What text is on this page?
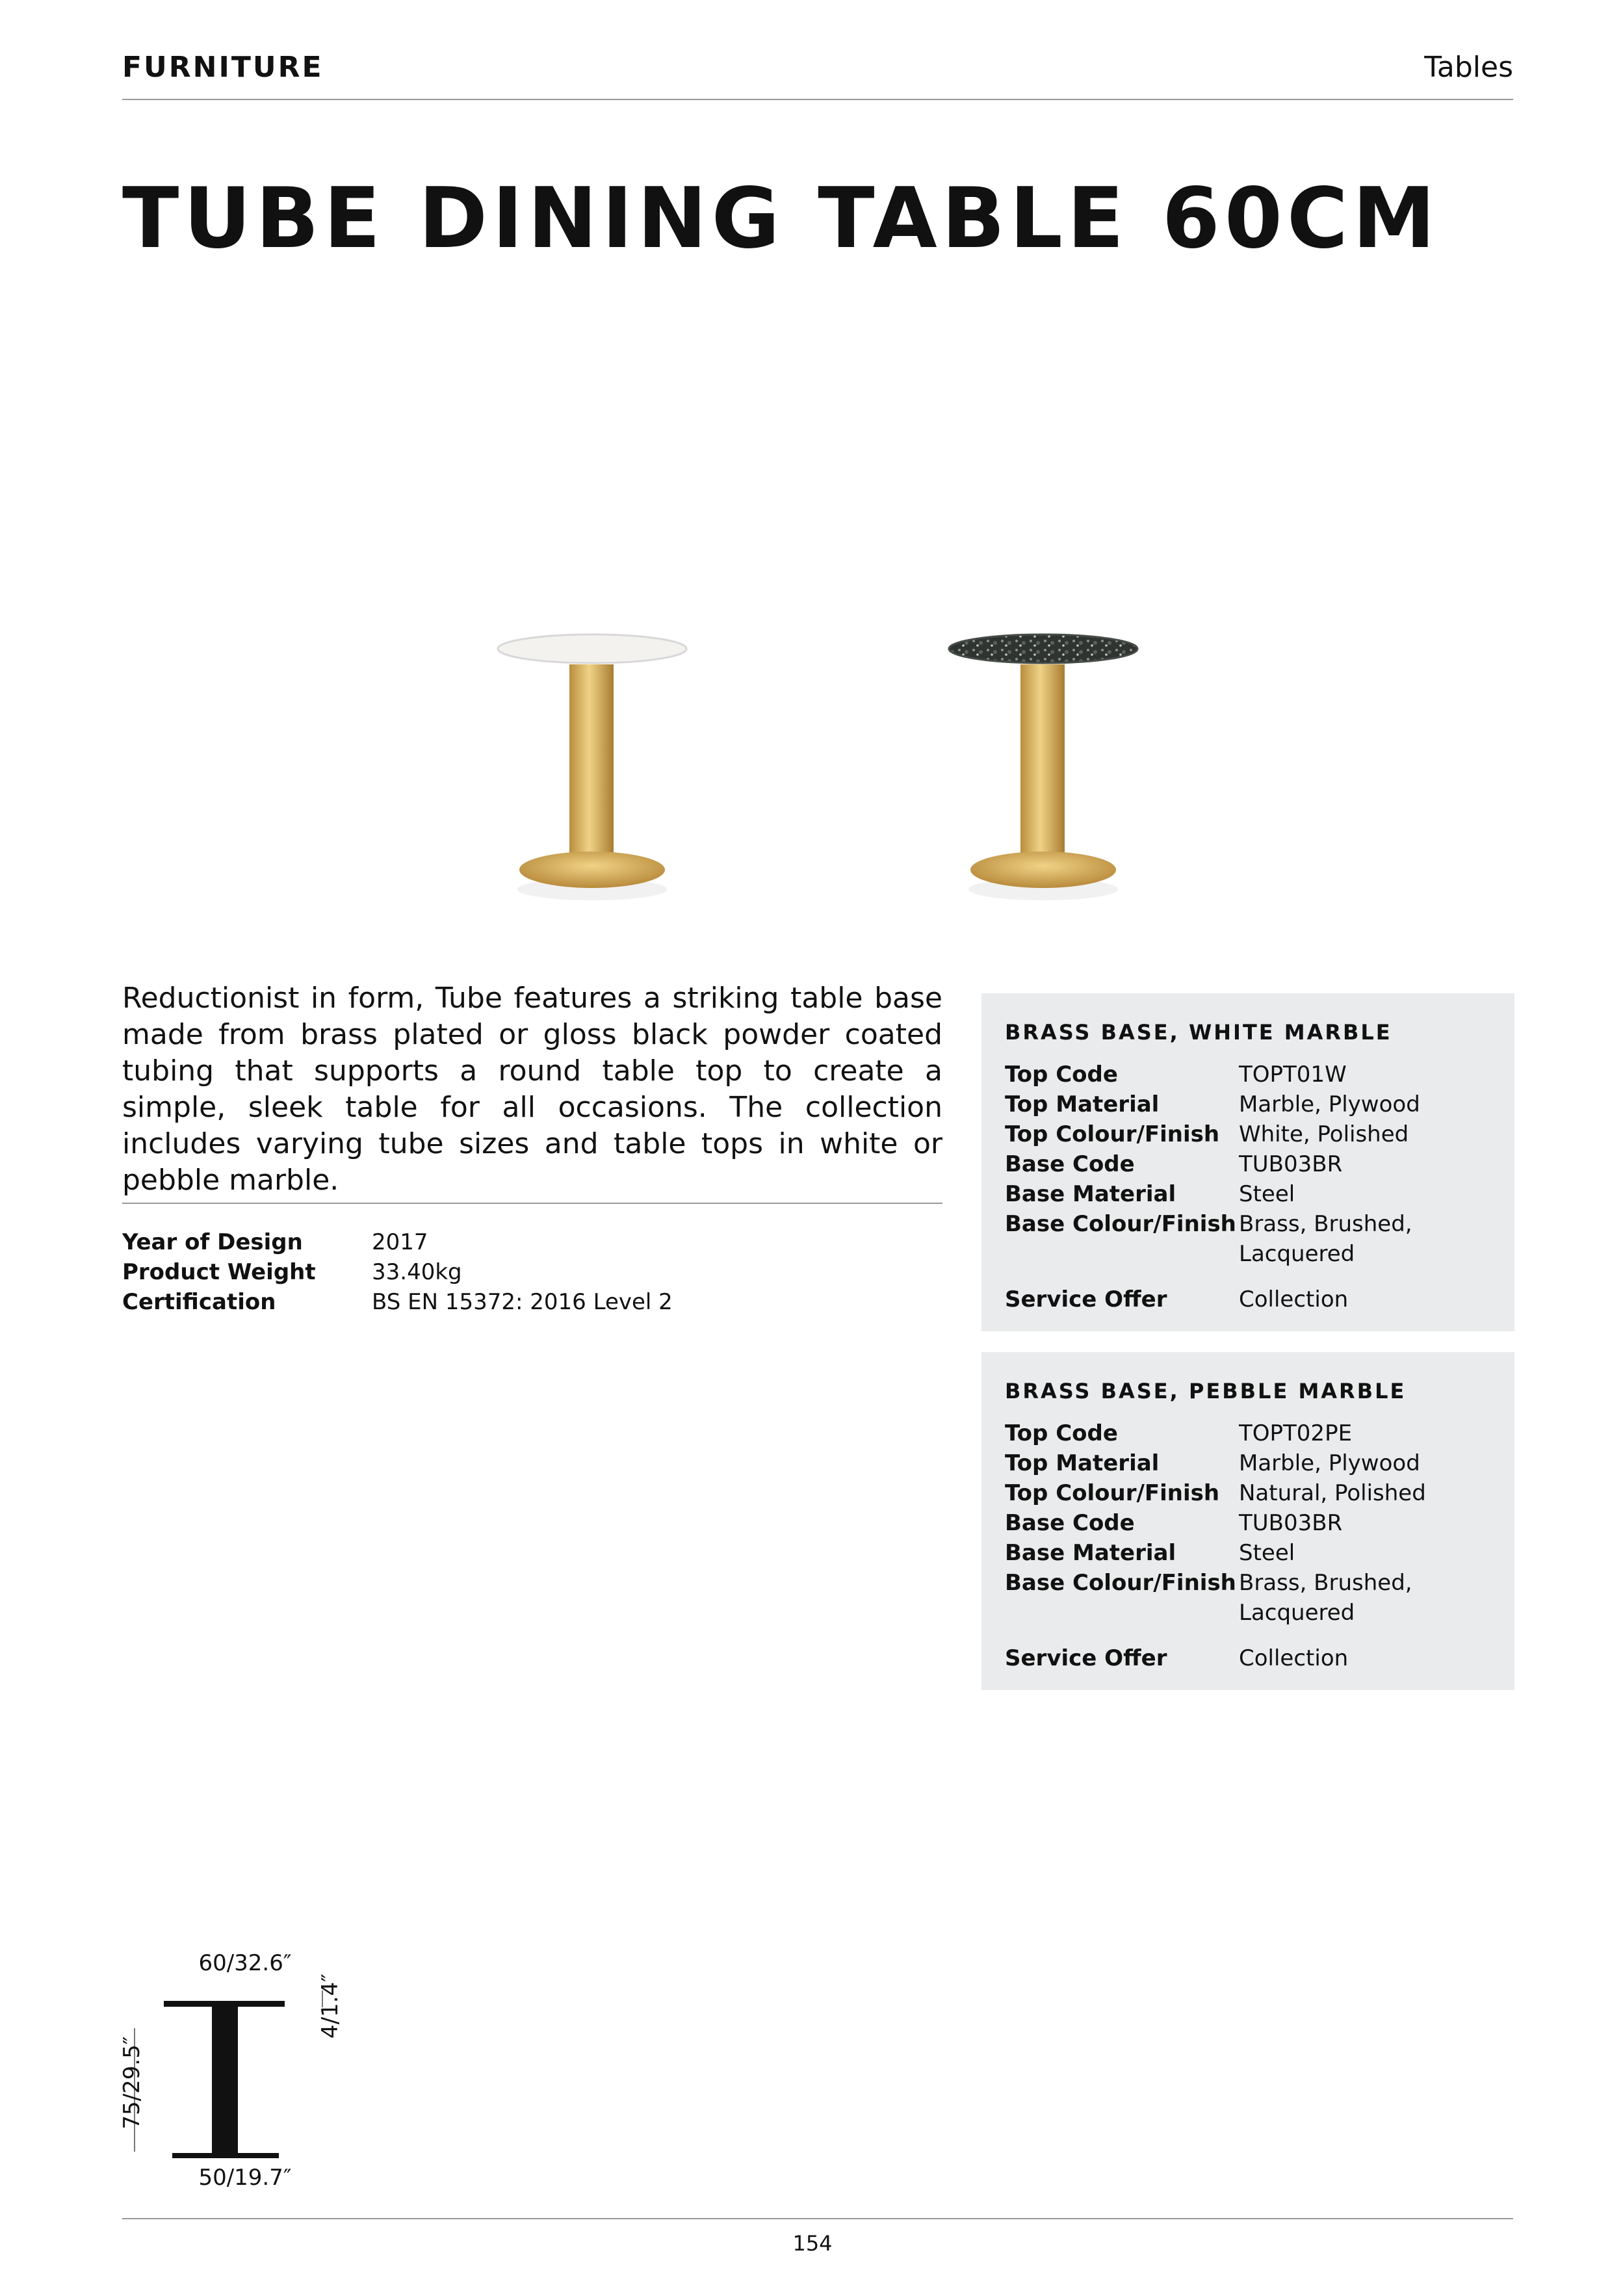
FURNITURE	Tables
TUBE DINING TABLE 60CM
Reductionist in form, Tube features a striking table base made from brass plated or gloss black powder coated tubing that supports a round table top to create a simple, sleek table for all occasions. The collection includes varying tube sizes and table tops in white or pebble marble.
Year of Design	2017
Product Weight	33.40kg
Certification	BS EN 15372: 2016 Level 2
BRASS BASE, WHITE MARBLE
Top Code	TOPT01W
Top Material	Marble, Plywood
Top Colour/Finish White, Polished
Base Code	TUB03BR
Base Material	Steel
Base Colour/Finish Brass, Brushed, Lacquered
Service Offer	Collection
BRASS BASE, PEBBLE MARBLE
Top Code	TOPT02PE
Top Material	Marble, Plywood
Top Colour/Finish Natural, Polished
Base Code	TUB03BR
Base Material	Steel
Base Colour/Finish Brass, Brushed, Lacquered
Service Offer	Collection
60/32.6″
75/29.5″
4/1.4″
50/19.7″
154
